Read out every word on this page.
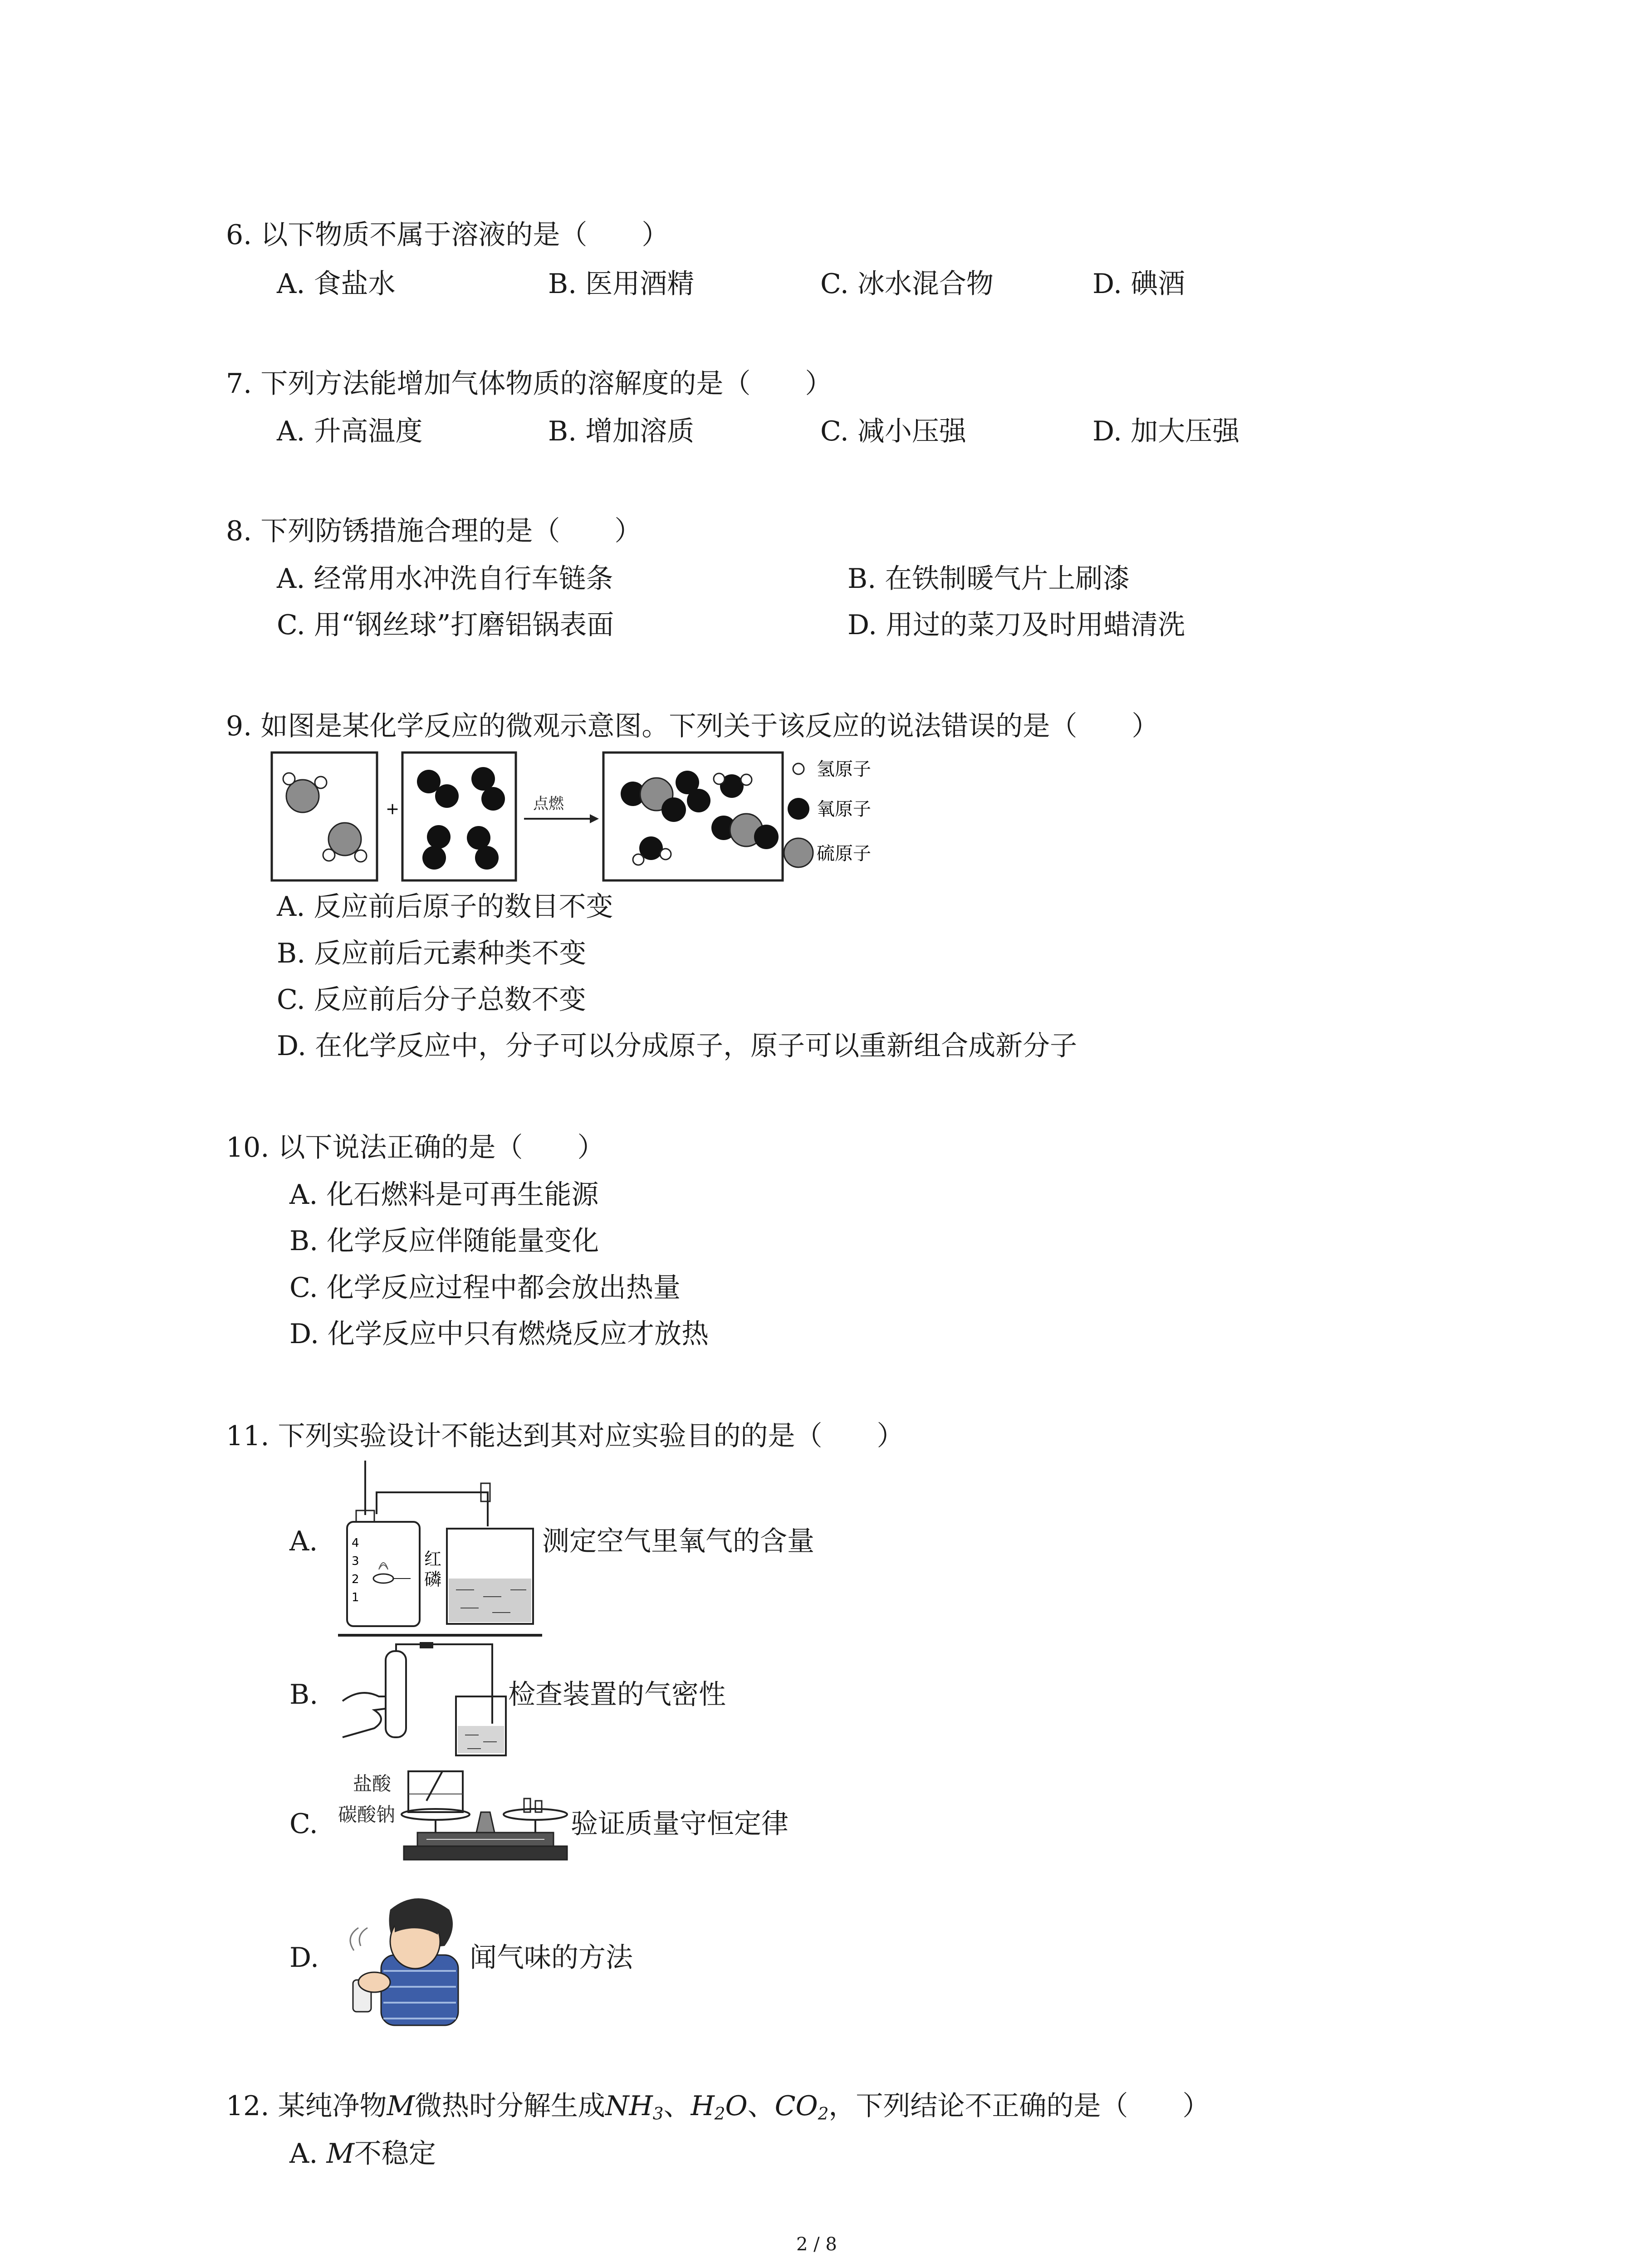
6. 以下物质不属于溶液的是（　　）
A. 食盐水	B. 医用酒精	C. 冰水混合物	D. 碘酒
7. 下列方法能增加气体物质的溶解度的是（　　）
A. 升高温度	B. 增加溶质	C. 减小压强	D. 加大压强
8. 下列防锈措施合理的是（　　）
A. 经常用水冲洗自行车链条	B. 在铁制暖气片上刷漆
C. 用“钢丝球”打磨铝锅表面	D. 用过的菜刀及时用蜡清洗
9. 如图是某化学反应的微观示意图。下列关于该反应的说法错误的是（　　）
+	点燃
氢原子
氧原子
硫原子
A. 反应前后原子的数目不变
B. 反应前后元素种类不变
C. 反应前后分子总数不变
D. 在化学反应中，分子可以分成原子，原子可以重新组合成新分子
10. 以下说法正确的是（　　）
A. 化石燃料是可再生能源
B. 化学反应伴随能量变化
C. 化学反应过程中都会放出热量
D. 化学反应中只有燃烧反应才放热
11. 下列实验设计不能达到其对应实验目的的是（　　）
A.	4
3
2
1
红
磷
测定空气里氧气的含量
B.	检查装置的气密性
C.
盐酸
碳酸钠	验证质量守恒定律
D.	闻气味的方法
12. 某纯净物M微热时分解生成$NH_3$、$H_2O$、$CO_2$，下列结论不正确的是（　　）
A. M不稳定
2 / 8
